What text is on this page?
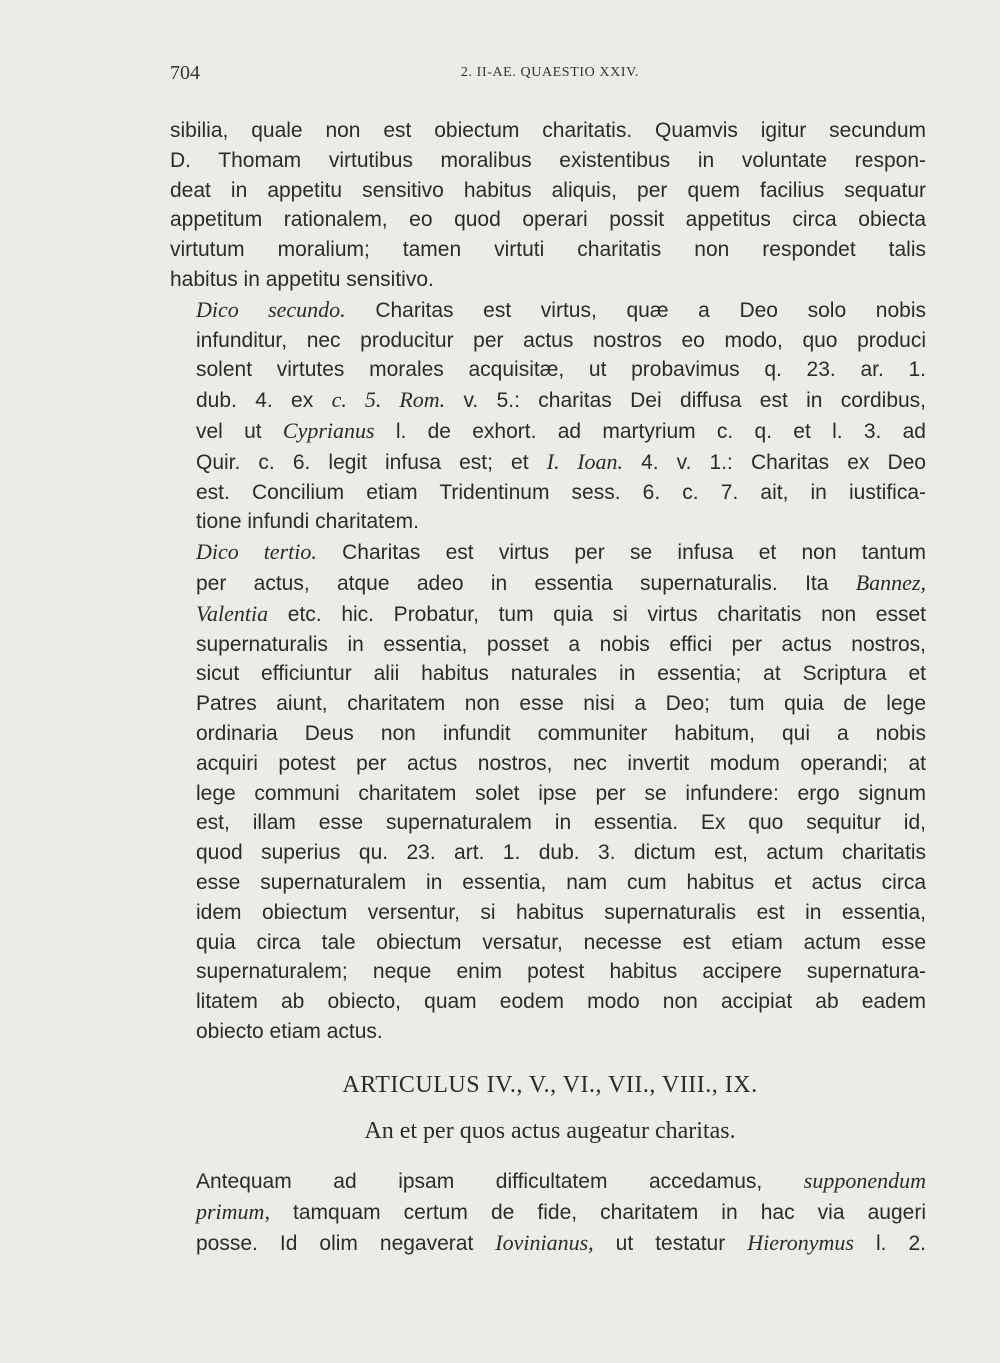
704	2. II-AE. QUAESTIO XXIV.

sibilia, quale non est obiectum charitatis. Quamvis igitur secundum
D. Thomam virtutibus moralibus existentibus in voluntate respon-
deat in appetitu sensitivo habitus aliquis, per quem facilius sequatur
appetitum rationalem, eo quod operari possit appetitus circa obiecta
virtutum moralium; tamen virtuti charitatis non respondet talis
habitus in appetitu sensitivo.

Dico secundo. Charitas est virtus, quæ a Deo solo nobis
infunditur, nec producitur per actus nostros eo modo, quo produci
solent virtutes morales acquisitæ, ut probavimus q. 23. ar. 1.
dub. 4. ex c. 5. Rom. v. 5.: charitas Dei diffusa est in cordibus,
vel ut Cyprianus l. de exhort. ad martyrium c. q. et l. 3. ad
Quir. c. 6. legit infusa est; et I. Ioan. 4. v. 1.: Charitas ex Deo
est. Concilium etiam Tridentinum sess. 6. c. 7. ait, in iustifica-
tione infundi charitatem.

Dico tertio. Charitas est virtus per se infusa et non tantum
per actus, atque adeo in essentia supernaturalis. Ita Bannez,
Valentia etc. hic. Probatur, tum quia si virtus charitatis non esset
supernaturalis in essentia, posset a nobis effici per actus nostros,
sicut efficiuntur alii habitus naturales in essentia; at Scriptura et
Patres aiunt, charitatem non esse nisi a Deo; tum quia de lege
ordinaria Deus non infundit communiter habitum, qui a nobis
acquiri potest per actus nostros, nec invertit modum operandi; at
lege communi charitatem solet ipse per se infundere: ergo signum
est, illam esse supernaturalem in essentia. Ex quo sequitur id,
quod superius qu. 23. art. 1. dub. 3. dictum est, actum charitatis
esse supernaturalem in essentia, nam cum habitus et actus circa
idem obiectum versentur, si habitus supernaturalis est in essentia,
quia circa tale obiectum versatur, necesse est etiam actum esse
supernaturalem; neque enim potest habitus accipere supernatura-
litatem ab obiecto, quam eodem modo non accipiat ab eadem
obiecto etiam actus.

ARTICULUS IV., V., VI., VII., VIII., IX.
An et per quos actus augeatur charitas.

Antequam ad ipsam difficultatem accedamus, supponendum
primum, tamquam certum de fide, charitatem in hac via augeri
posse. Id olim negaverat Iovinianus, ut testatur Hieronymus l. 2.
